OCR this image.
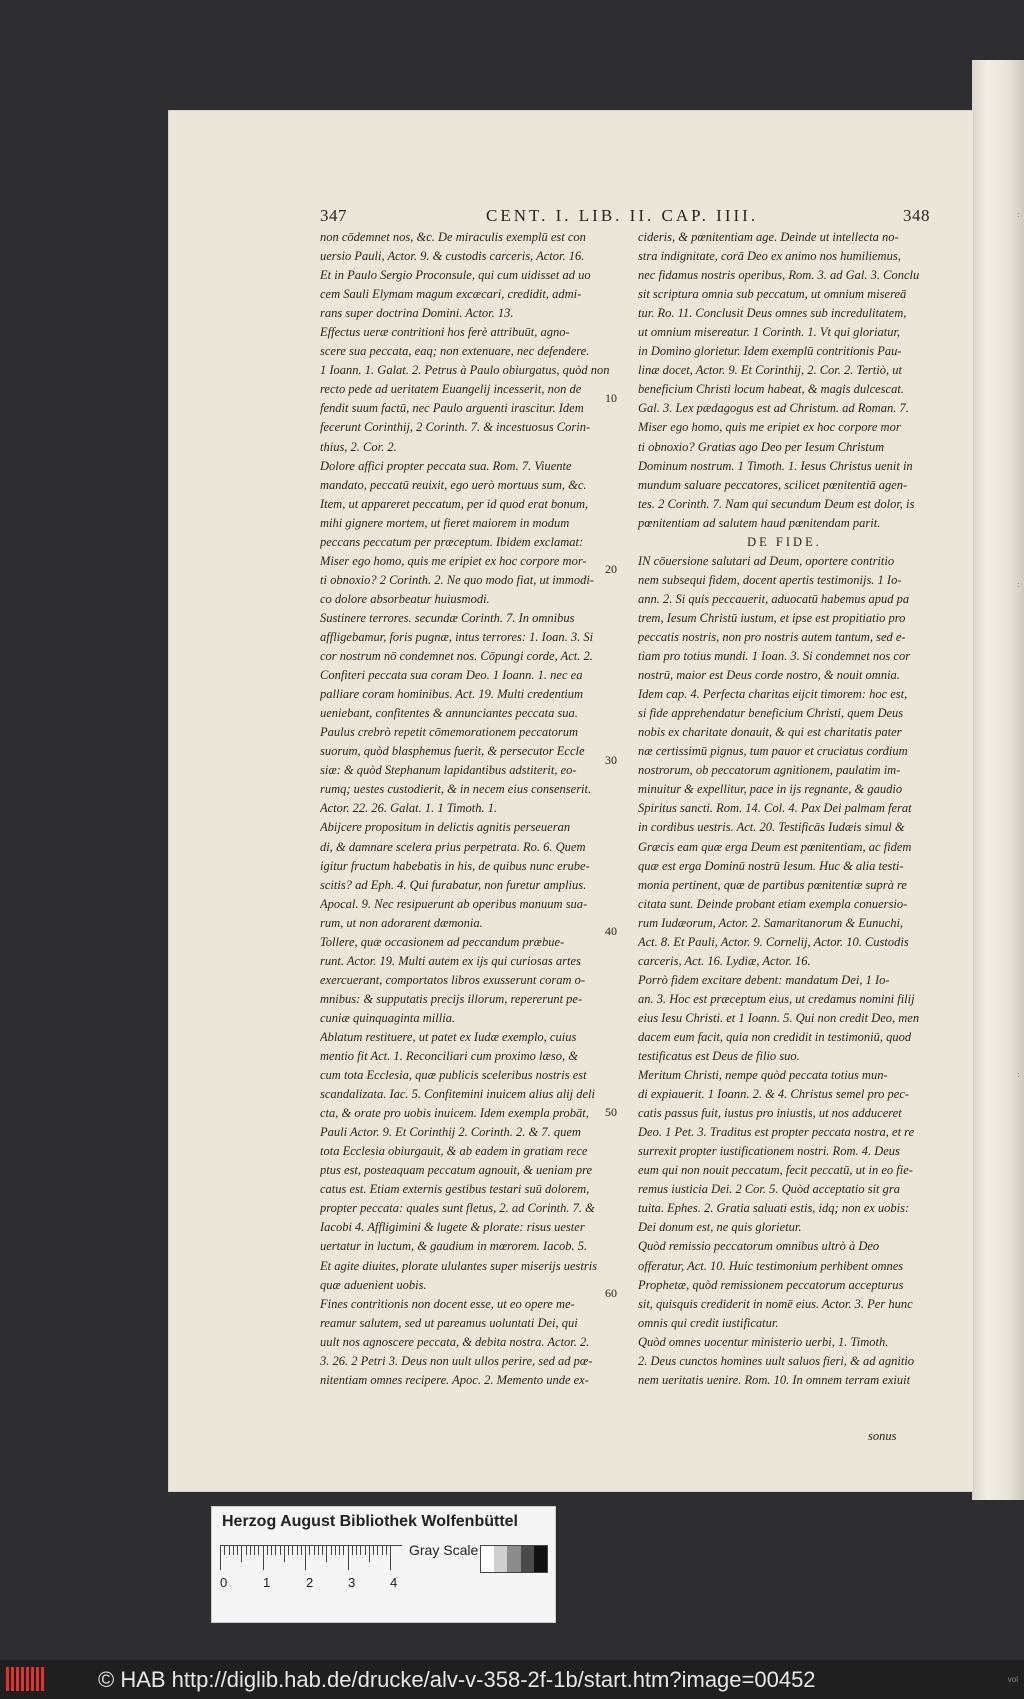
:
:
:
347	CENT. I. LIB. II. CAP. IIII.	348
non cōdemnet nos, &c. De miraculis exemplū est con
uersio Pauli, Actor. 9. & custodis carceris, Actor. 16.
Et in Paulo Sergio Proconsule, qui cum uidisset ad uo
cem Sauli Elymam magum excæcari, credidit, admi-
rans super doctrina Domini. Actor. 13.
Effectus ueræ contritioni hos ferè attribuūt, agno-
scere sua peccata, eaq; non extenuare, nec defendere.
1 Ioann. 1. Galat. 2. Petrus à Paulo obiurgatus, quòd non
recto pede ad ueritatem Euangelij incesserit, non de
fendit suum factū, nec Paulo arguenti irascitur. Idem
fecerunt Corinthij, 2 Corinth. 7. & incestuosus Corin-
thius, 2. Cor. 2.
Dolore affici propter peccata sua. Rom. 7. Viuente
mandato, peccatū reuixit, ego uerò mortuus sum, &c.
Item, ut appareret peccatum, per id quod erat bonum,
mihi gignere mortem, ut fieret maiorem in modum
peccans peccatum per præceptum. Ibidem exclamat:
Miser ego homo, quis me eripiet ex hoc corpore mor-
ti obnoxio? 2 Corinth. 2. Ne quo modo fiat, ut immodi-
co dolore absorbeatur huiusmodi.
Sustinere terrores. secundæ Corinth. 7. In omnibus
affligebamur, foris pugnæ, intus terrores: 1. Ioan. 3. Si
cor nostrum nō condemnet nos. Cōpungi corde, Act. 2.
Confiteri peccata sua coram Deo. 1 Ioann. 1. nec ea
palliare coram hominibus. Act. 19. Multi credentium
ueniebant, confitentes & annunciantes peccata sua.
Paulus crebrò repetit cōmemorationem peccatorum
suorum, quòd blasphemus fuerit, & persecutor Eccle
siæ: & quòd Stephanum lapidantibus adstiterit, eo-
rumq; uestes custodierit, & in necem eius consenserit.
Actor. 22. 26. Galat. 1. 1 Timoth. 1.
Abijcere propositum in delictis agnitis perseueran
di, & damnare scelera prius perpetrata. Ro. 6. Quem
igitur fructum habebatis in his, de quibus nunc erube-
scitis? ad Eph. 4. Qui furabatur, non furetur amplius.
Apocal. 9. Nec resipuerunt ab operibus manuum sua-
rum, ut non adorarent dæmonia.
Tollere, quæ occasionem ad peccandum præbue-
runt. Actor. 19. Multi autem ex ijs qui curiosas artes
exercuerant, comportatos libros exusserunt coram o-
mnibus: & supputatis precijs illorum, repererunt pe-
cuniæ quinquaginta millia.
Ablatum restituere, ut patet ex Iudæ exemplo, cuius
mentio fit Act. 1. Reconciliari cum proximo læso, &
cum tota Ecclesia, quæ publicis sceleribus nostris est
scandalizata. Iac. 5. Confitemini inuicem alius alij deli
cta, & orate pro uobis inuicem. Idem exempla probāt,
Pauli Actor. 9. Et Corinthij 2. Corinth. 2. & 7. quem
tota Ecclesia obiurgauit, & ab eadem in gratiam rece
ptus est, posteaquam peccatum agnouit, & ueniam pre
catus est. Etiam externis gestibus testari suū dolorem,
propter peccata: quales sunt fletus, 2. ad Corinth. 7. &
Iacobi 4. Affligimini & lugete & plorate: risus uester
uertatur in luctum, & gaudium in mœrorem. Iacob. 5.
Et agite diuites, plorate ululantes super miserijs uestris
quæ aduenient uobis.
Fines contritionis non docent esse, ut eo opere me-
reamur salutem, sed ut pareamus uoluntati Dei, qui
uult nos agnoscere peccata, & debita nostra. Actor. 2.
3. 26. 2 Petri 3. Deus non uult ullos perire, sed ad pœ-
nitentiam omnes recipere. Apoc. 2. Memento unde ex-
cideris, & pœnitentiam age. Deinde ut intellecta no-
stra indignitate, corā Deo ex animo nos humiliemus,
nec fidamus nostris operibus, Rom. 3. ad Gal. 3. Conclu
sit scriptura omnia sub peccatum, ut omnium misereā
tur. Ro. 11. Conclusit Deus omnes sub incredulitatem,
ut omnium misereatur. 1 Corinth. 1. Vt qui gloriatur,
in Domino glorietur. Idem exemplū contritionis Pau-
linæ docet, Actor. 9. Et Corinthij, 2. Cor. 2. Tertiò, ut
beneficium Christi locum habeat, & magis dulcescat.
Gal. 3. Lex pædagogus est ad Christum. ad Roman. 7.
Miser ego homo, quis me eripiet ex hoc corpore mor
ti obnoxio? Gratias ago Deo per Iesum Christum
Dominum nostrum. 1 Timoth. 1. Iesus Christus uenit in
mundum saluare peccatores, scilicet pœnitentiā agen-
tes. 2 Corinth. 7. Nam qui secundum Deum est dolor, is
pœnitentiam ad salutem haud pœnitendam parit.
DE FIDE.
IN cōuersione salutari ad Deum, oportere contritio
nem subsequi fidem, docent apertis testimonijs. 1 Io-
ann. 2. Si quis peccauerit, aduocatū habemus apud pa
trem, Iesum Christū iustum, et ipse est propitiatio pro
peccatis nostris, non pro nostris autem tantum, sed e-
tiam pro totius mundi. 1 Ioan. 3. Si condemnet nos cor
nostrū, maior est Deus corde nostro, & nouit omnia.
Idem cap. 4. Perfecta charitas eijcit timorem: hoc est,
si fide apprehendatur beneficium Christi, quem Deus
nobis ex charitate donauit, & qui est charitatis pater
næ certissimū pignus, tum pauor et cruciatus cordium
nostrorum, ob peccatorum agnitionem, paulatim im-
minuitur & expellitur, pace in ijs regnante, & gaudio
Spiritus sancti. Rom. 14. Col. 4. Pax Dei palmam ferat
in cordibus uestris. Act. 20. Testificās Iudæis simul &
Græcis eam quæ erga Deum est pœnitentiam, ac fidem
quæ est erga Dominū nostrū Iesum. Huc & alia testi-
monia pertinent, quæ de partibus pœnitentiæ suprà re
citata sunt. Deinde probant etiam exempla conuersio-
rum Iudæorum, Actor. 2. Samaritanorum & Eunuchi,
Act. 8. Et Pauli, Actor. 9. Cornelij, Actor. 10. Custodis
carceris, Act. 16. Lydiæ, Actor. 16.
Porrò fidem excitare debent: mandatum Dei, 1 Io-
an. 3. Hoc est præceptum eius, ut credamus nomini filij
eius Iesu Christi. et 1 Ioann. 5. Qui non credit Deo, men
dacem eum facit, quia non credidit in testimoniū, quod
testificatus est Deus de filio suo.
Meritum Christi, nempe quòd peccata totius mun-
di expiauerit. 1 Ioann. 2. & 4. Christus semel pro pec-
catis passus fuit, iustus pro iniustis, ut nos adduceret
Deo. 1 Pet. 3. Traditus est propter peccata nostra, et re
surrexit propter iustificationem nostri. Rom. 4. Deus
eum qui non nouit peccatum, fecit peccatū, ut in eo fie-
remus iusticia Dei. 2 Cor. 5. Quòd acceptatio sit gra
tuita. Ephes. 2. Gratia saluati estis, idq; non ex uobis:
Dei donum est, ne quis glorietur.
Quòd remissio peccatorum omnibus ultrò à Deo
offeratur, Act. 10. Huic testimonium perhibent omnes
Prophetæ, quòd remissionem peccatorum accepturus
sit, quisquis crediderit in nomē eius. Actor. 3. Per hunc
omnis qui credit iustificatur.
Quòd omnes uocentur ministerio uerbi, 1. Timoth.
2. Deus cunctos homines uult saluos fieri, & ad agnitio
nem ueritatis uenire. Rom. 10. In omnem terram exiuit
10
20
30
40
50
60
sonus
Herzog August Bibliothek Wolfenbüttel
0	1	2	3	4
Gray Scale
© HAB http://diglib.hab.de/drucke/alv-v-358-2f-1b/start.htm?image=00452	vol
